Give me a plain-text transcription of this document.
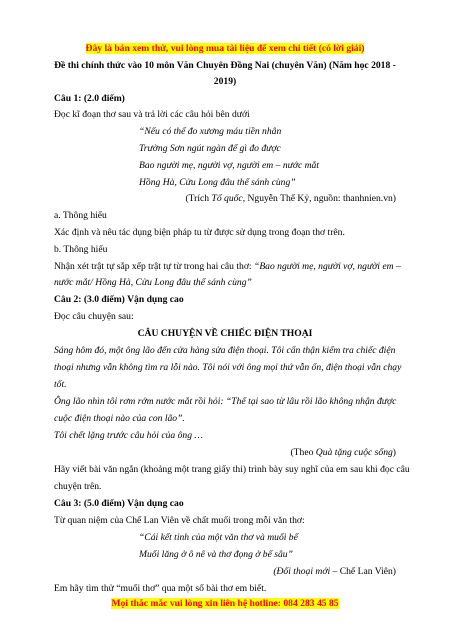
Đây là bản xem thử, vui lòng mua tài liệu để xem chi tiết (có lời giải)
Đề thi chính thức vào 10 môn Văn Chuyên Đồng Nai (chuyên Văn) (Năm học 2018 -
2019)
Câu 1: (2.0 điểm)
Đọc kĩ đoạn thơ sau và trả lời các câu hỏi bên dưới
“Nếu có thể đo xương máu tiền nhân
Trường Sơn ngút ngàn để gì đo được
Bao người mẹ, người vợ, người em – nước mắt
Hồng Hà, Cửu Long đâu thể sánh cùng”
(Trích Tổ quốc, Nguyễn Thế Kỷ, nguồn: thanhnien.vn)
a. Thông hiểu
Xác định và nêu tác dụng biện pháp tu từ được sử dụng trong đoạn thơ trên.
b. Thông hiểu
Nhận xét trật tự sắp xếp trật tự từ trong hai câu thơ: “Bao người mẹ, người vợ, người em –
nước mắt/ Hồng Hà, Cửu Long đâu thể sánh cùng”
Câu 2: (3.0 điểm) Vận dụng cao
Đọc câu chuyện sau:
CÂU CHUYỆN VỀ CHIẾC ĐIỆN THOẠI
Sáng hôm đó, một ông lão đến cửa hàng sửa điện thoại. Tôi cẩn thận kiểm tra chiếc điện
thoại nhưng vẫn không tìm ra lỗi nào. Tôi nói với ông mọi thứ vẫn ổn, điện thoại vẫn chạy
tốt.
Ông lão nhìn tôi rơm rớm nước mắt rồi hỏi: “Thế tại sao từ lâu rồi lão không nhận được
cuộc điện thoại nào của con lão”.
Tôi chết lặng trước câu hỏi của ông …
(Theo Quà tặng cuộc sống)
Hãy viết bài văn ngắn (khoảng một trang giấy thi) trình bày suy nghĩ của em sau khi đọc câu
chuyện trên.
Câu 3: (5.0 điểm) Vận dụng cao
Từ quan niệm của Chế Lan Viên về chất muối trong mỗi văn thơ:
“Cái kết tinh của một văn thơ và muối bể
Muối lăng ở ô nê và thơ đọng ở bể sâu”
(Đối thoại mới – Chế Lan Viên)
Em hãy tìm thử “muối thơ” qua một số bài thơ em biết.
Mọi thắc mắc vui lòng xin liên hệ hotline: 084 283 45 85
